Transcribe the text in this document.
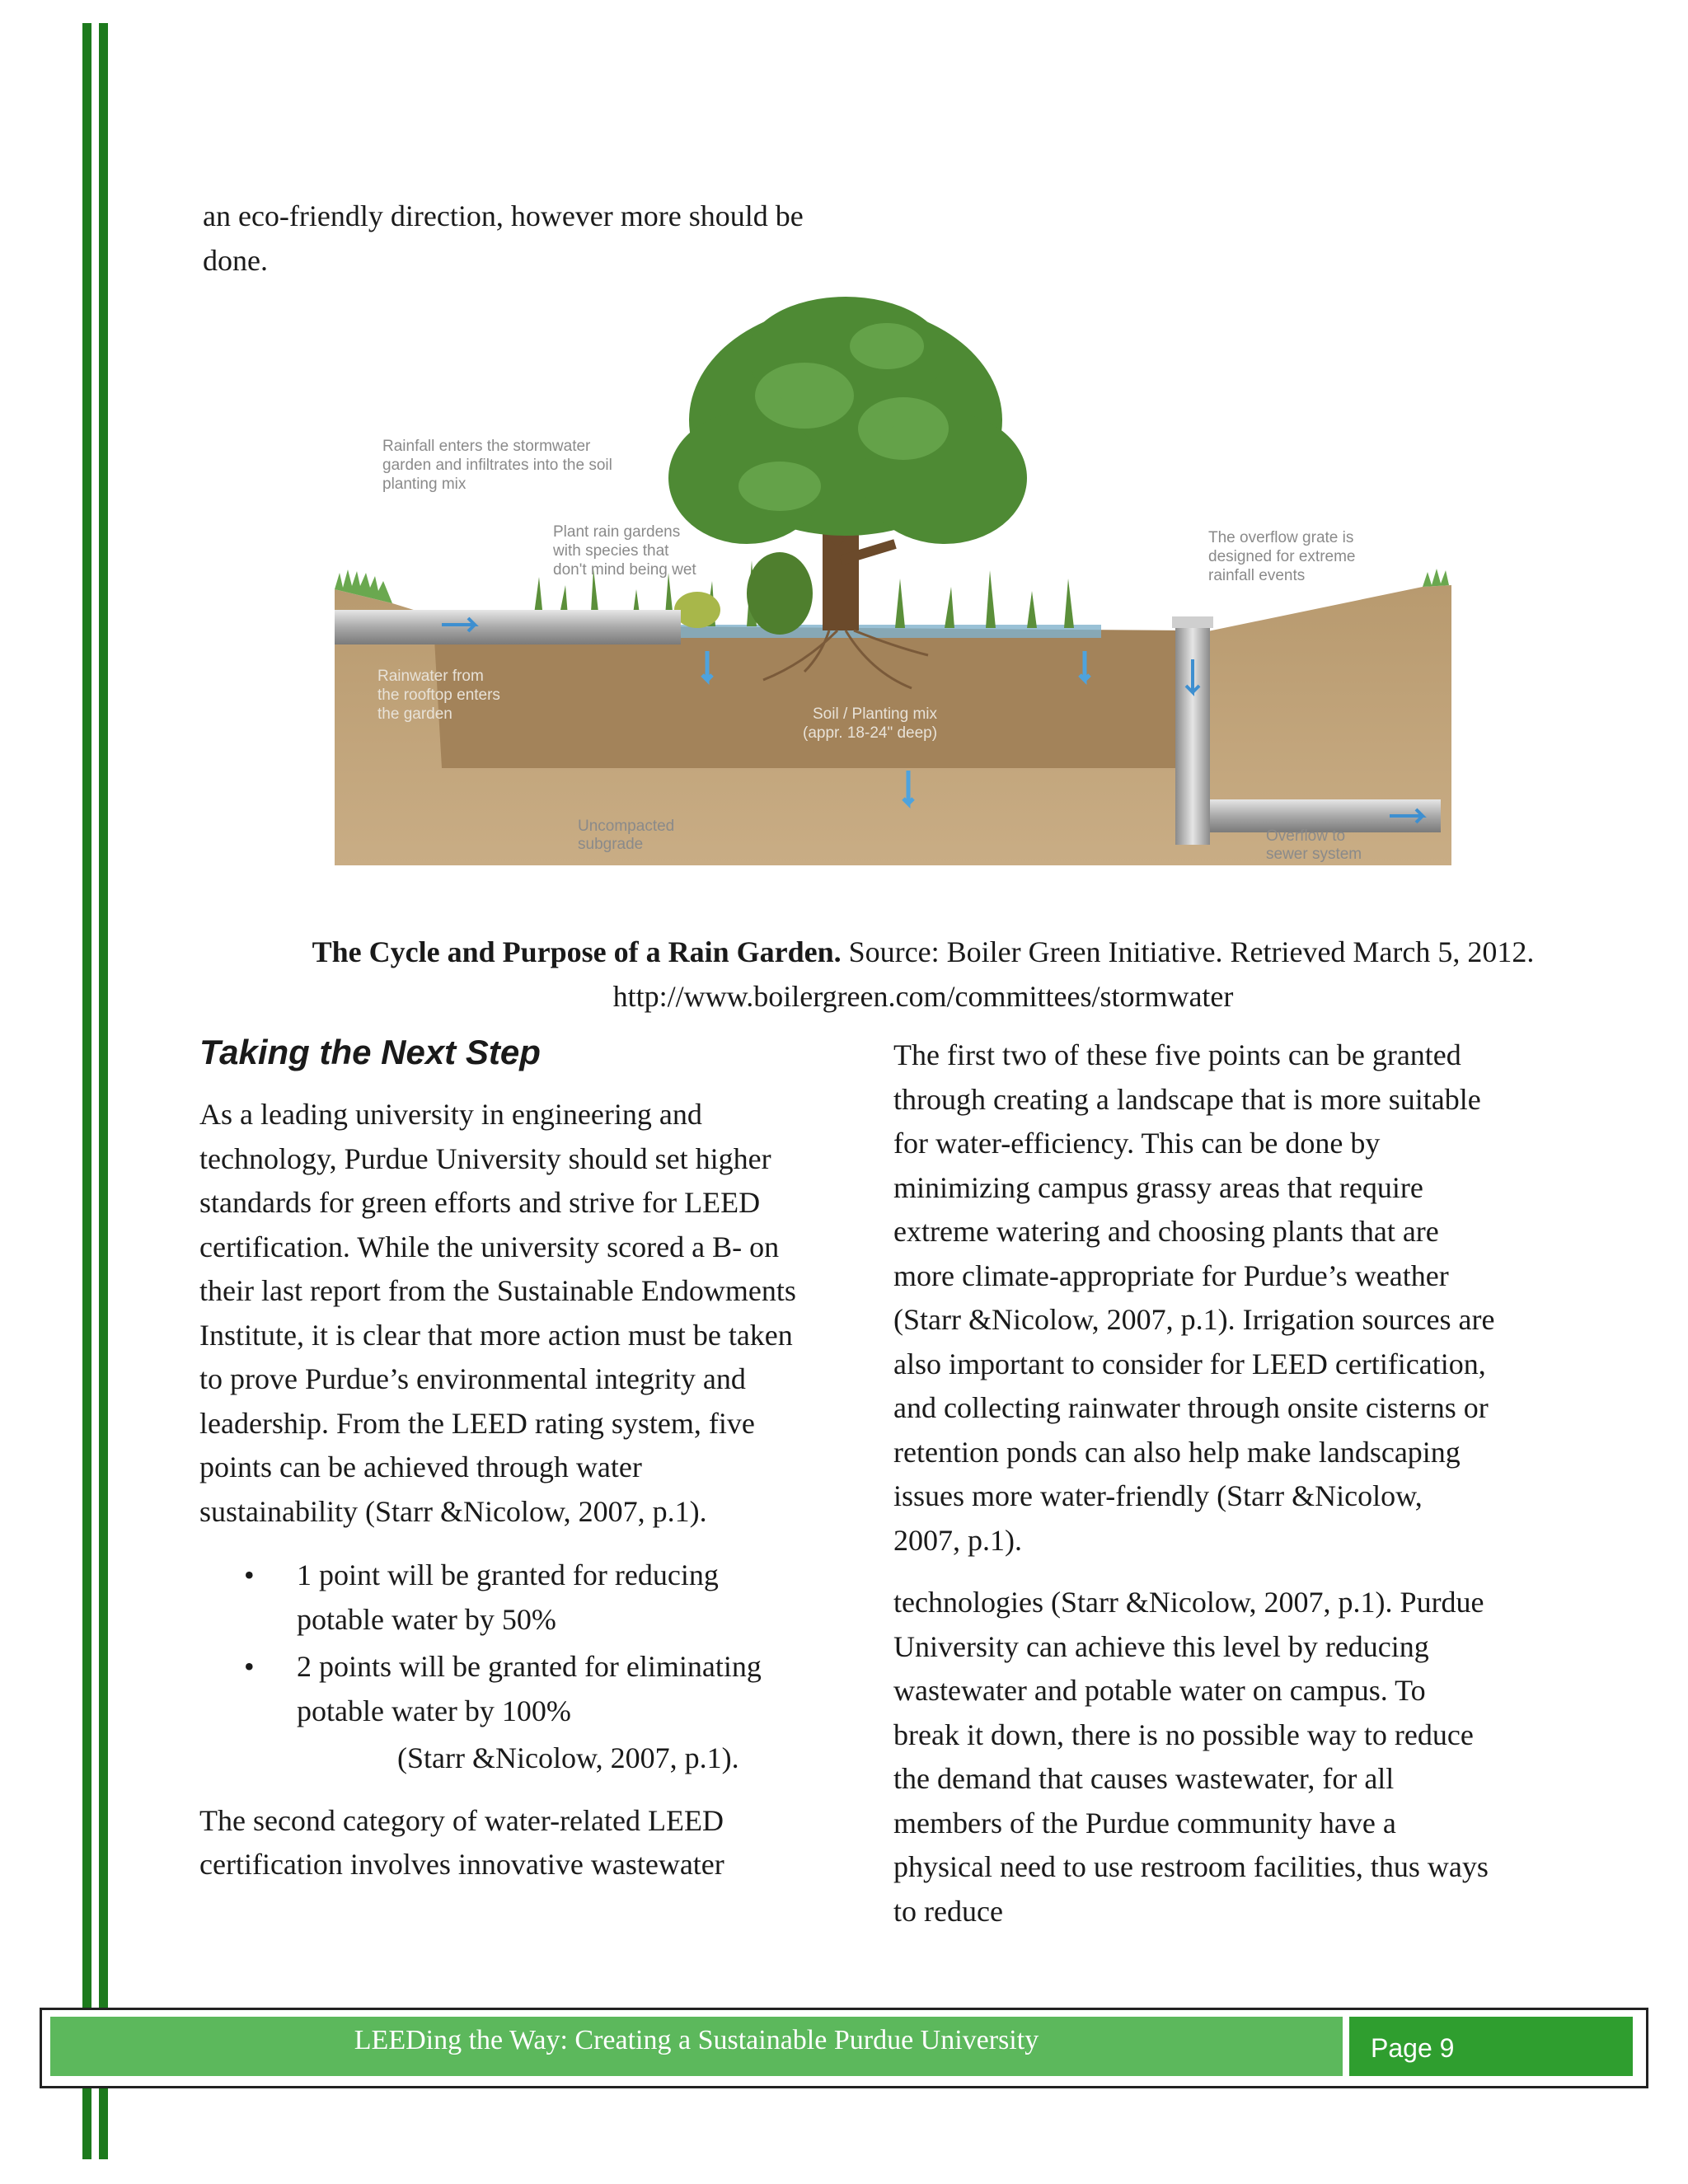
an eco-friendly direction, however more should be done.

Rainfall enters the stormwater
garden and infiltrates into the soil
planting mix
Plant rain gardens
with species that
don't mind being wet
The overflow grate is
designed for extreme
rainfall events
Rainwater from
the rooftop enters
the garden	Soil / Planting mix
(appr. 18-24" deep)
Uncompacted
subgrade	Overflow to
sewer system

The Cycle and Purpose of a Rain Garden. Source: Boiler Green Initiative. Retrieved March 5, 2012. http://www.boilergreen.com/committees/stormwater

Taking the Next Step

As a leading university in engineering and technology, Purdue University should set higher standards for green efforts and strive for LEED certification. While the university scored a B- on their last report from the Sustainable Endowments Institute, it is clear that more action must be taken to prove Purdue’s environmental integrity and leadership. From the LEED rating system, five points can be achieved through water sustainability (Starr &Nicolow, 2007, p.1).

• 1 point will be granted for reducing potable water by 50%
• 2 points will be granted for eliminating potable water by 100%

(Starr &Nicolow, 2007, p.1).

The second category of water-related LEED certification involves innovative wastewater

The first two of these five points can be granted through creating a landscape that is more suitable for water-efficiency. This can be done by minimizing campus grassy areas that require extreme watering and choosing plants that are more climate-appropriate for Purdue’s weather (Starr &Nicolow, 2007, p.1). Irrigation sources are also important to consider for LEED certification, and collecting rainwater through onsite cisterns or retention ponds can also help make landscaping issues more water-friendly (Starr &Nicolow, 2007, p.1).

technologies (Starr &Nicolow, 2007, p.1). Purdue University can achieve this level by reducing wastewater and potable water on campus. To break it down, there is no possible way to reduce the demand that causes wastewater, for all members of the Purdue community have a physical need to use restroom facilities, thus ways to reduce

LEEDing the Way: Creating a Sustainable Purdue University	Page 9
